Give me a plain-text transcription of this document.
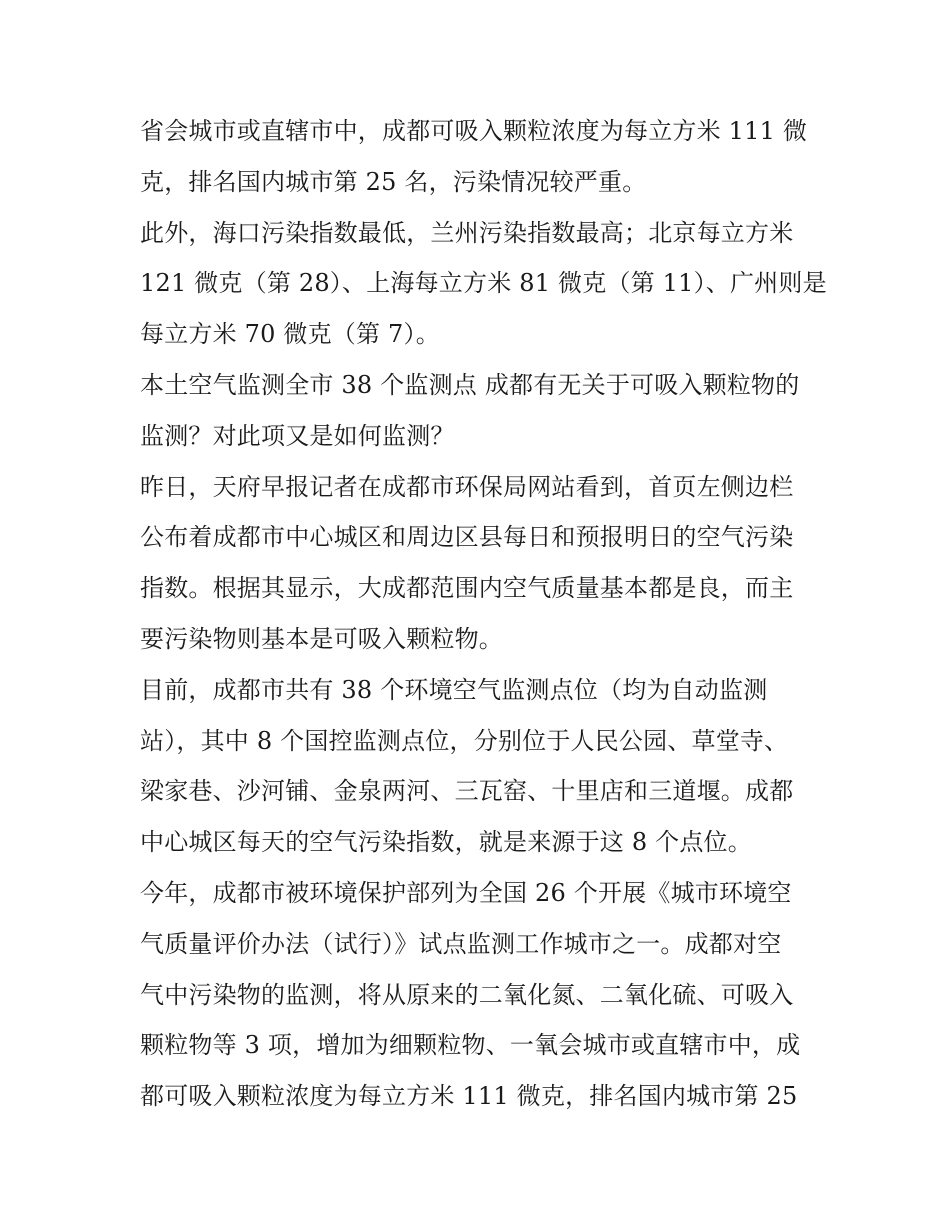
省会城市或直辖市中，成都可吸入颗粒浓度为每立方米 111 微
克，排名国内城市第 25 名，污染情况较严重。
此外，海口污染指数最低，兰州污染指数最高；北京每立方米
121 微克（第 28）、上海每立方米 81 微克（第 11）、广州则是
每立方米 70 微克（第 7）。
本土空气监测全市 38 个监测点 成都有无关于可吸入颗粒物的
监测？对此项又是如何监测？
昨日，天府早报记者在成都市环保局网站看到，首页左侧边栏
公布着成都市中心城区和周边区县每日和预报明日的空气污染
指数。根据其显示，大成都范围内空气质量基本都是良，而主
要污染物则基本是可吸入颗粒物。
目前，成都市共有 38 个环境空气监测点位（均为自动监测
站），其中 8 个国控监测点位，分别位于人民公园、草堂寺、
梁家巷、沙河铺、金泉两河、三瓦窑、十里店和三道堰。成都
中心城区每天的空气污染指数，就是来源于这 8 个点位。
今年，成都市被环境保护部列为全国 26 个开展《城市环境空
气质量评价办法（试行）》试点监测工作城市之一。成都对空
气中污染物的监测，将从原来的二氧化氮、二氧化硫、可吸入
颗粒物等 3 项，增加为细颗粒物、一氧会城市或直辖市中，成
都可吸入颗粒浓度为每立方米 111 微克，排名国内城市第 25
